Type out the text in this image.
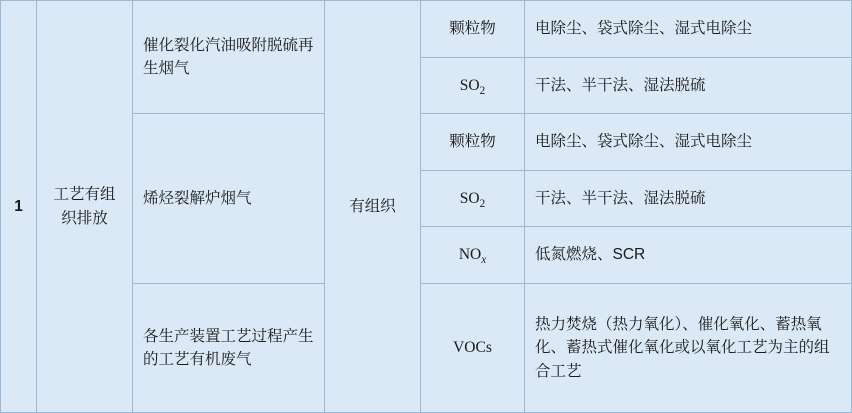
1	工艺有组织排放	催化裂化汽油吸附脱硫再生烟气	有组织	颗粒物	电除尘、袋式除尘、湿式电除尘
				$SO_2$	干法、半干法、湿法脱硫
		烯烃裂解炉烟气		颗粒物	电除尘、袋式除尘、湿式电除尘
				$SO_2$	干法、半干法、湿法脱硫
				$NO_x$	低氮燃烧、SCR
		各生产装置工艺过程产生的工艺有机废气		VOCs	热力焚烧（热力氧化）、催化氧化、蓄热氧化、蓄热式催化氧化或以氧化工艺为主的组合工艺
